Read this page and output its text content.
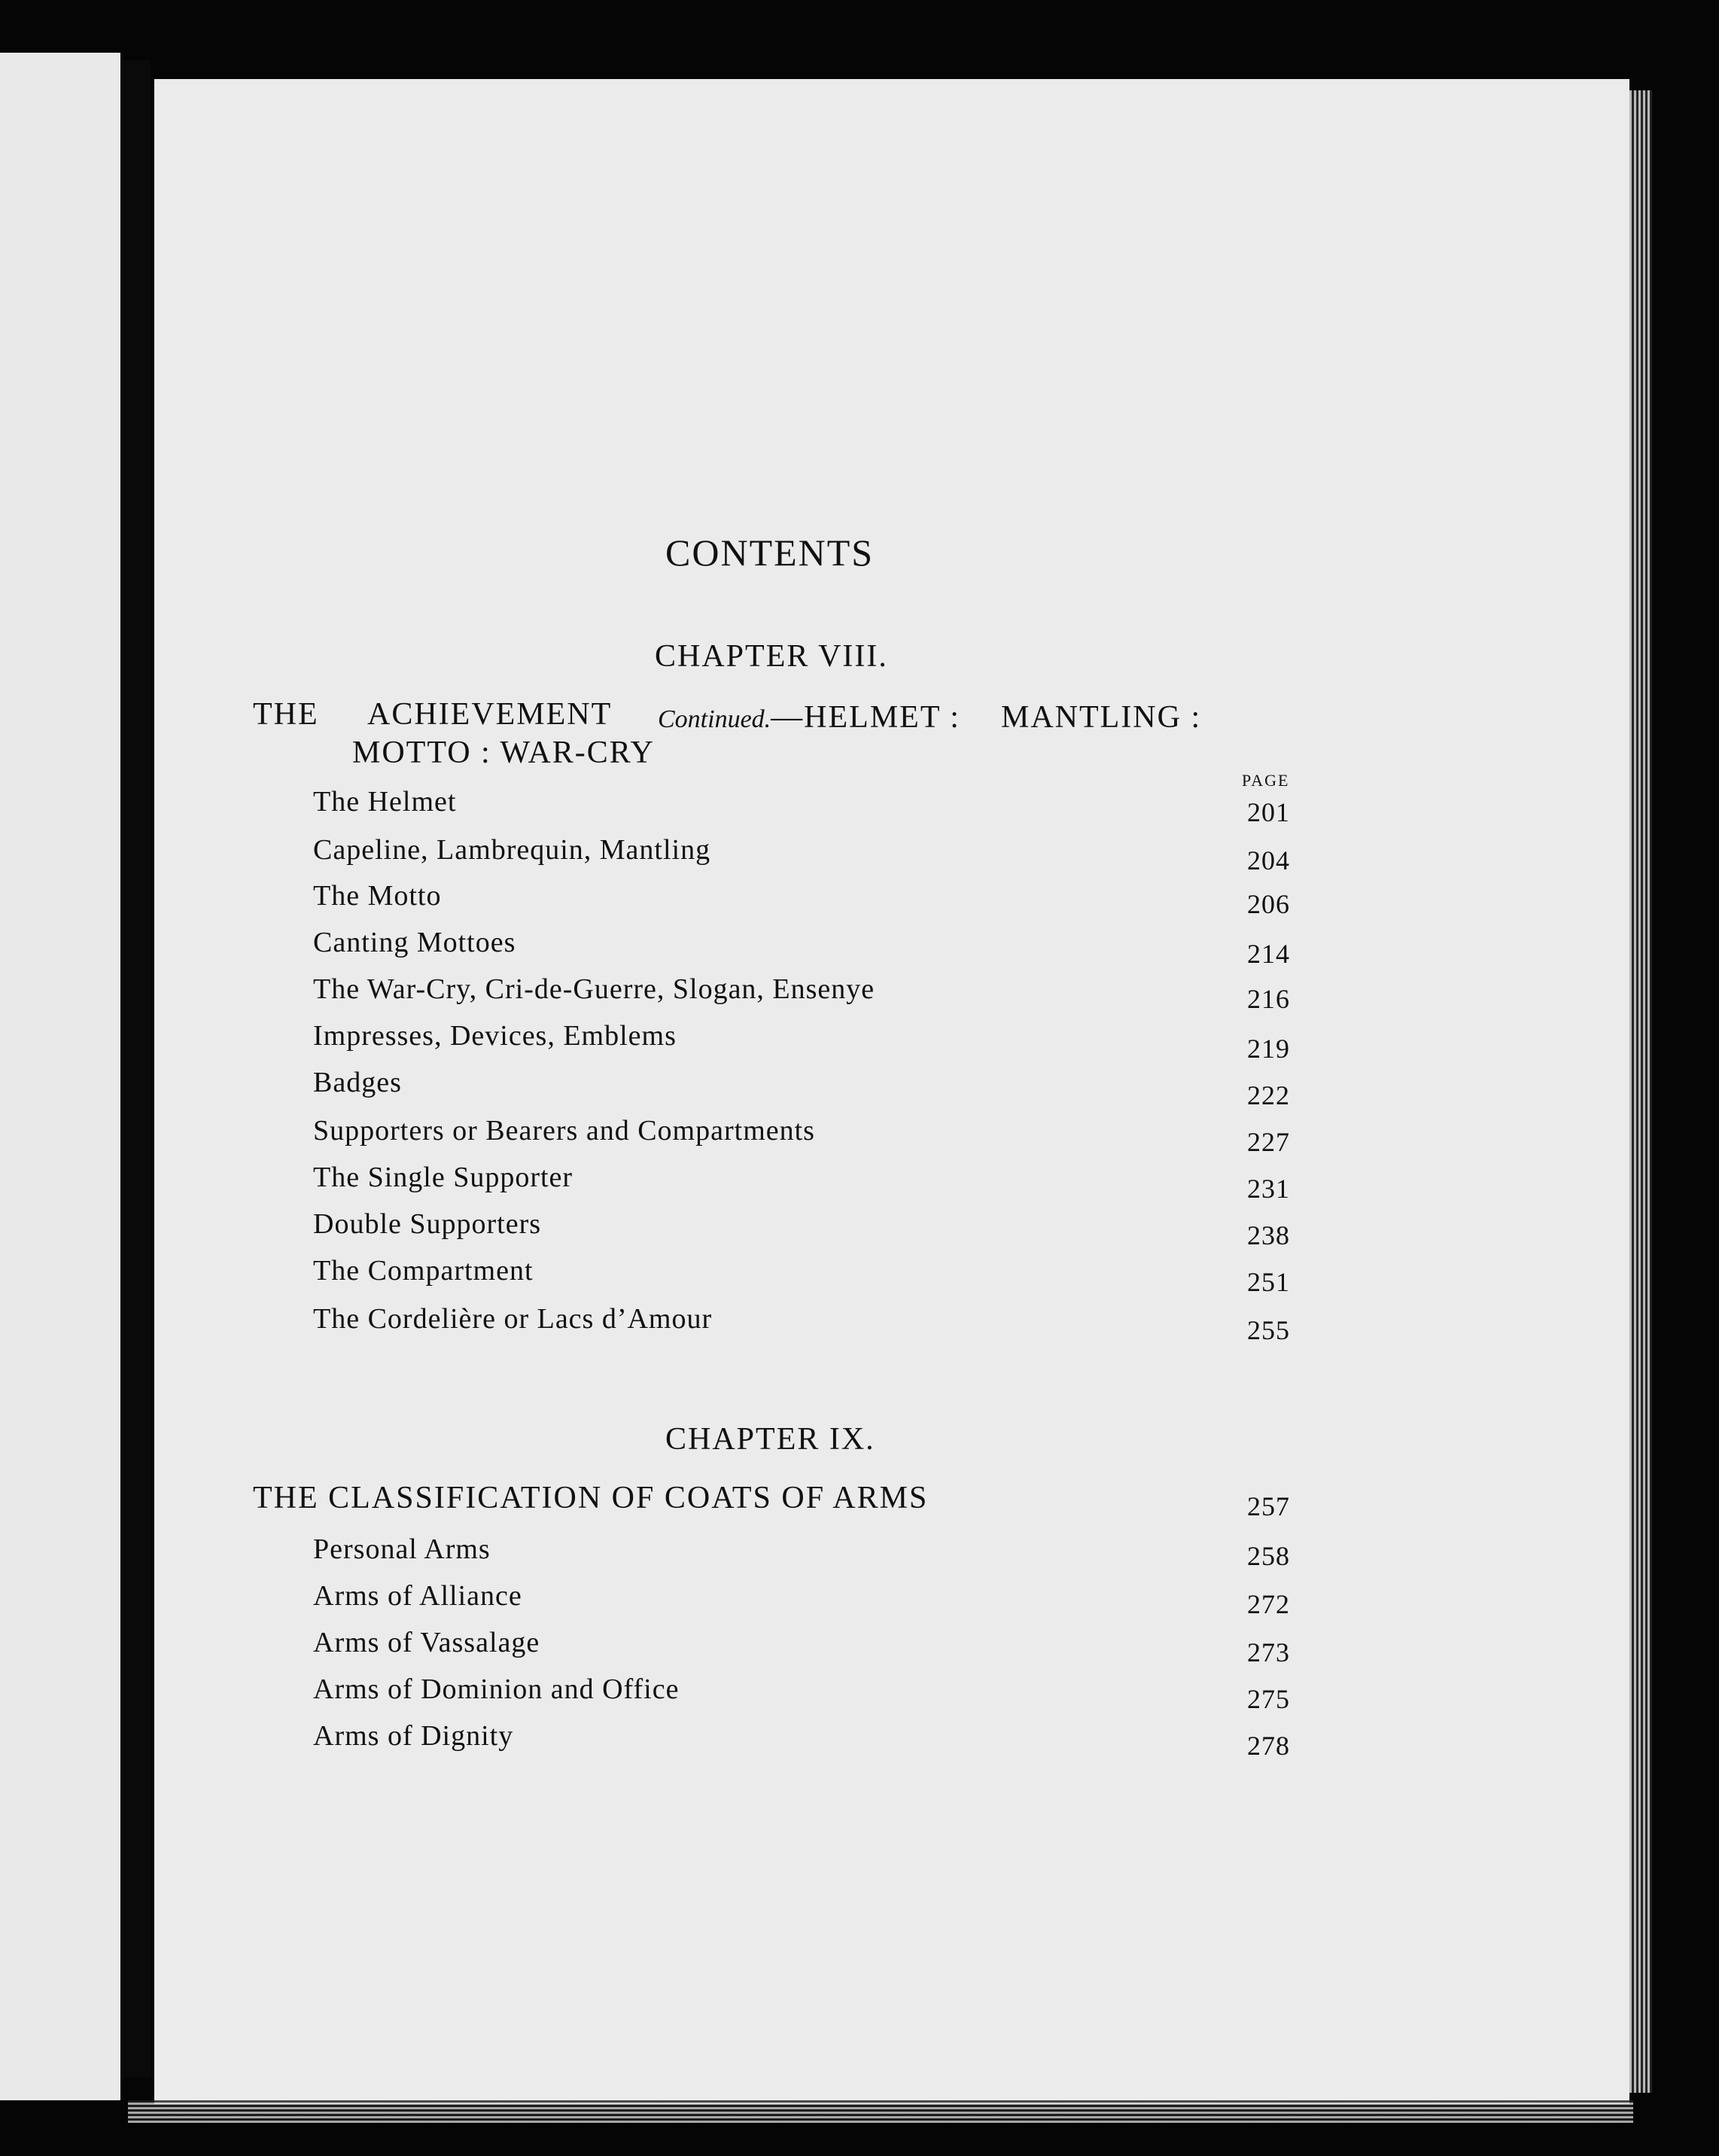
CONTENTS
CHAPTER VIII.
THE ACHIEVEMENT Continued.—HELMET : MANTLING :
MOTTO : WAR-CRY
PAGE
The Helmet	201
Capeline, Lambrequin, Mantling	204
The Motto	206
Canting Mottoes	214
The War-Cry, Cri-de-Guerre, Slogan, Ensenye	216
Impresses, Devices, Emblems	219
Badges	222
Supporters or Bearers and Compartments	227
The Single Supporter	231
Double Supporters	238
The Compartment	251
The Cordelière or Lacs d’Amour	255
CHAPTER IX.
THE CLASSIFICATION OF COATS OF ARMS	257
Personal Arms	258
Arms of Alliance	272
Arms of Vassalage	273
Arms of Dominion and Office	275
Arms of Dignity	278
